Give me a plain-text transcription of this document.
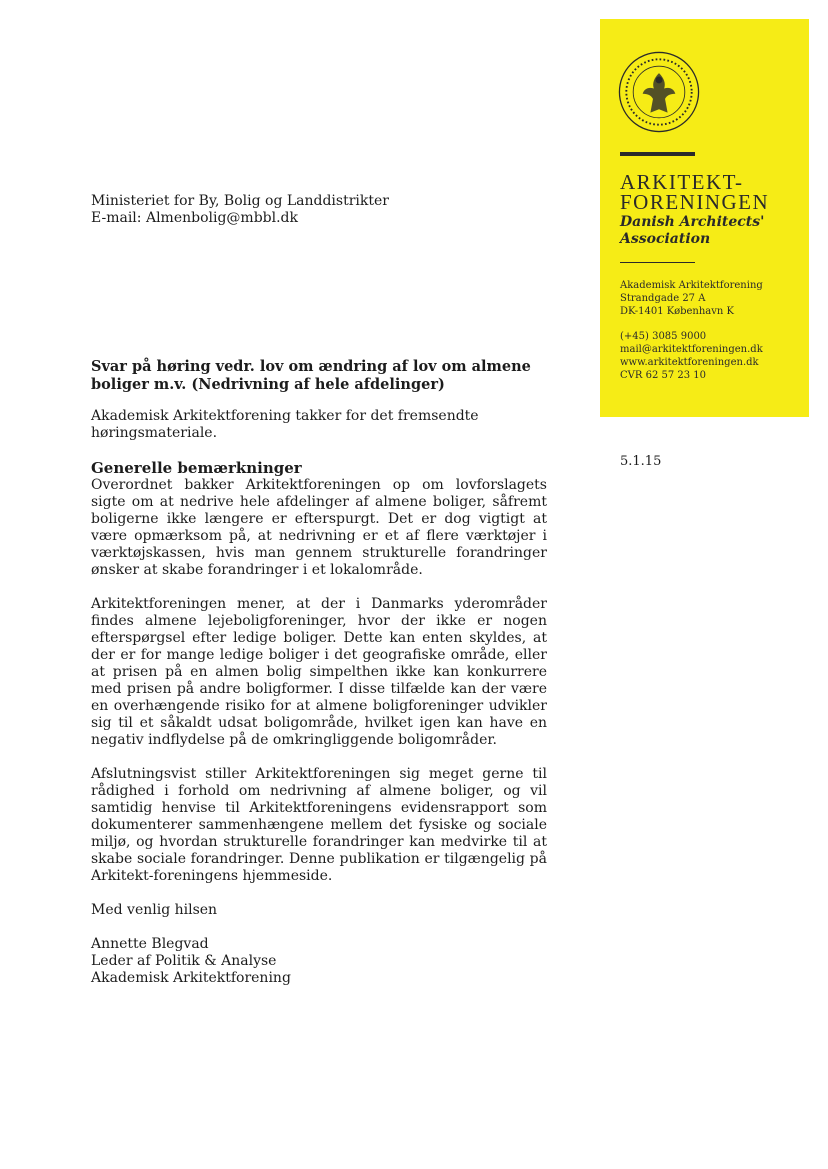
ARKITEKT-
FORENINGEN
Danish Architects'
Association
Akademisk Arkitektforening
Strandgade 27 A
DK-1401 København K
(+45) 3085 9000
mail@arkitektforeningen.dk
www.arkitektforeningen.dk
CVR 62 57 23 10
5.1.15
Ministeriet for By, Bolig og Landdistrikter
E-mail: Almenbolig@mbbl.dk
Svar på høring vedr. lov om ændring af lov om almene boliger m.v. (Nedrivning af hele afdelinger)
Akademisk Arkitektforening takker for det fremsendte høringsmateriale.
Generelle bemærkninger

Overordnet bakker Arkitektforeningen op om lovforslagets sigte om at nedrive hele afdelinger af almene boliger, såfremt boligerne ikke længere er efterspurgt. Det er dog vigtigt at være opmærksom på, at nedrivning er et af flere værktøjer i værktøjskassen, hvis man gennem strukturelle forandringer ønsker at skabe forandringer i et lokalområde.

Arkitektforeningen mener, at der i Danmarks yderområder findes almene lejeboligforeninger, hvor der ikke er nogen efterspørgsel efter ledige boliger. Dette kan enten skyldes, at der er for mange ledige boliger i det geografiske område, eller at prisen på en almen bolig simpelthen ikke kan konkurrere med prisen på andre boligformer. I disse tilfælde kan der være en overhængende risiko for at almene boligforeninger udvikler sig til et såkaldt udsat boligområde, hvilket igen kan have en negativ indflydelse på de omkringliggende boligområder.

Afslutningsvist stiller Arkitektforeningen sig meget gerne til rådighed i forhold om nedrivning af almene boliger, og vil samtidig henvise til Arkitektforeningens evidensrapport som dokumenterer sammenhængene mellem det fysiske og sociale miljø, og hvordan strukturelle forandringer kan medvirke til at skabe sociale forandringer. Denne publikation er tilgængelig på Arkitekt-foreningens hjemmeside.

Med venlig hilsen
Annette Blegvad
Leder af Politik & Analyse
Akademisk Arkitektforening
